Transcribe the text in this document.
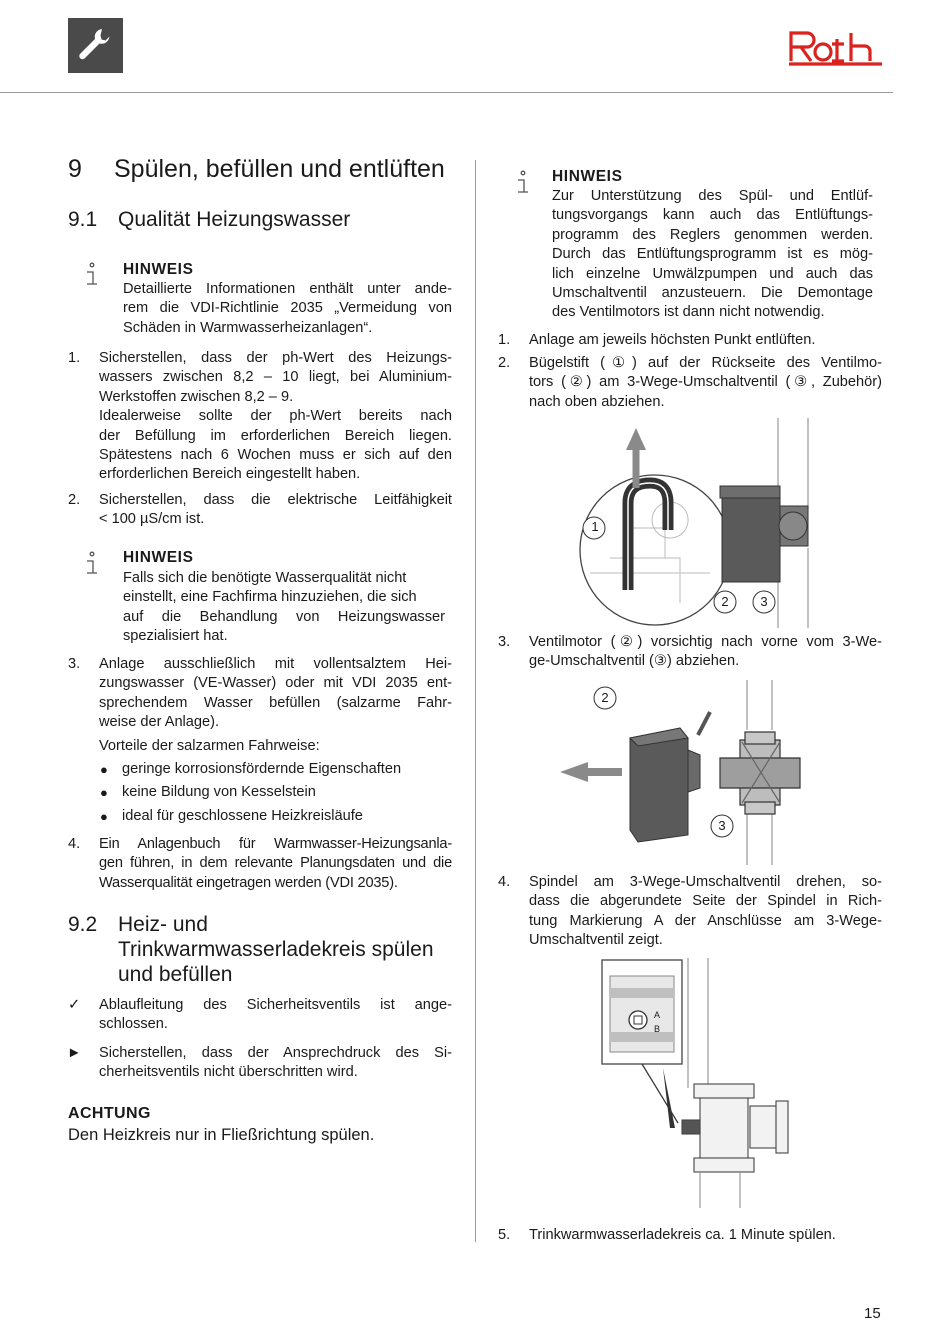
9 Spülen, befüllen und entlüften
9.1 Qualität Heizungswasser
HINWEIS
Detaillierte Informationen enthält unter ande-
rem die VDI-Richtlinie 2035 „Vermeidung von
Schäden in Warmwasserheizanlagen“.
1. Sicherstellen, dass der ph-Wert des Heizungs-
wassers zwischen 8,2 – 10 liegt, bei Aluminium-
Werkstoffen zwischen 8,2 – 9.
Idealerweise sollte der ph-Wert bereits nach
der Befüllung im erforderlichen Bereich liegen.
Spätestens nach 6 Wochen muss er sich auf den
erforderlichen Bereich eingestellt haben.
2. Sicherstellen, dass die elektrische Leitfähigkeit
< 100 µS/cm ist.
HINWEIS
Falls sich die benötigte Wasserqualität nicht
einstellt, eine Fachfirma hinzuziehen, die sich
auf die Behandlung von Heizungswasser
spezialisiert hat.
3. Anlage ausschließlich mit vollentsalztem Hei-
zungswasser (VE-Wasser) oder mit VDI 2035 ent-
sprechendem Wasser befüllen (salzarme Fahr-
weise der Anlage).
Vorteile der salzarmen Fahrweise:
● geringe korrosionsfördernde Eigenschaften
● keine Bildung von Kesselstein
● ideal für geschlossene Heizkreisläufe
4. Ein Anlagenbuch für Warmwasser-Heizungsanla-
gen führen, in dem relevante Planungsdaten und die
Wasserqualität eingetragen werden (VDI 2035).
9.2 Heiz- und
Trinkwarmwasserladekreis spülen
und befüllen
✓ Ablaufleitung des Sicherheitsventils ist ange-
schlossen.
► Sicherstellen, dass der Ansprechdruck des Si-
cherheitsventils nicht überschritten wird.
ACHTUNG
Den Heizkreis nur in Fließrichtung spülen.
HINWEIS
Zur Unterstützung des Spül- und Entlüf-
tungsvorgangs kann auch das Entlüftungs-
programm des Reglers genommen werden.
Durch das Entlüftungsprogramm ist es mög-
lich einzelne Umwälzpumpen und auch das
Umschaltventil anzusteuern. Die Demontage
des Ventilmotors ist dann nicht notwendig.
1. Anlage am jeweils höchsten Punkt entlüften.
2. Bügelstift (①) auf der Rückseite des Ventilmo-
tors (②) am 3-Wege-Umschaltventil (③, Zubehör)
nach oben abziehen.
1
2 3
3. Ventilmotor (②) vorsichtig nach vorne vom 3-We-
ge-Umschaltventil (③) abziehen.
2
3
4. Spindel am 3-Wege-Umschaltventil drehen, so-
dass die abgerundete Seite der Spindel in Rich-
tung Markierung A der Anschlüsse am 3-Wege-
Umschaltventil zeigt.
A
B
5. Trinkwarmwasserladekreis ca. 1 Minute spülen.
15
